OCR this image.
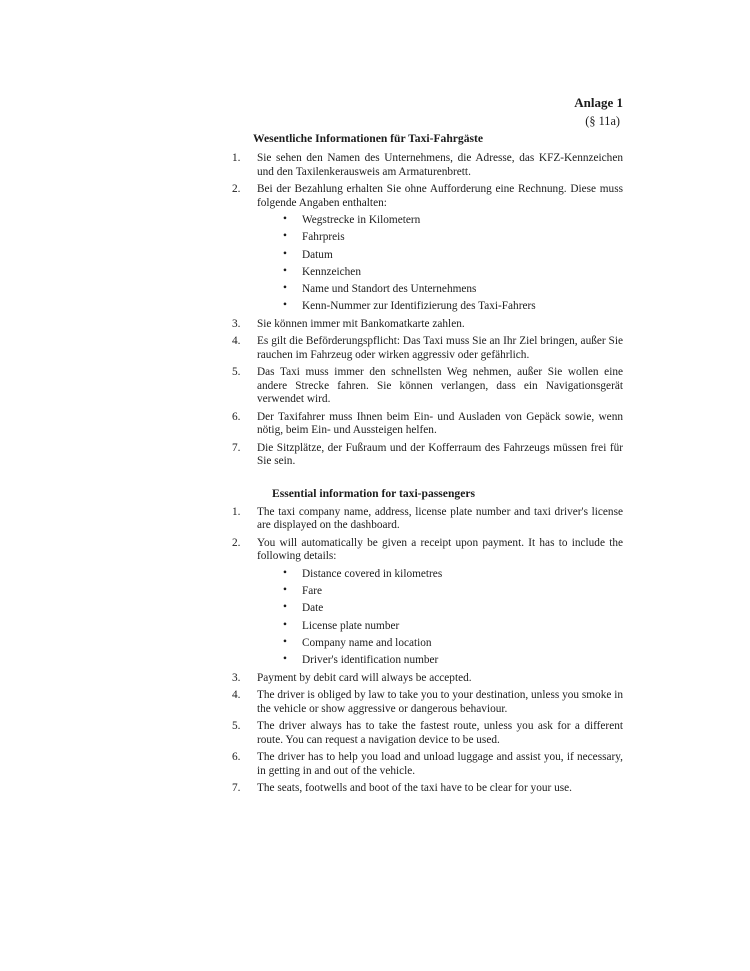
Anlage 1
(§ 11a)
Wesentliche Informationen für Taxi-Fahrgäste
1. Sie sehen den Namen des Unternehmens, die Adresse, das KFZ-Kennzeichen und den Taxilenkerausweis am Armaturenbrett.
2. Bei der Bezahlung erhalten Sie ohne Aufforderung eine Rechnung. Diese muss folgende Angaben enthalten:
• Wegstrecke in Kilometern
• Fahrpreis
• Datum
• Kennzeichen
• Name und Standort des Unternehmens
• Kenn-Nummer zur Identifizierung des Taxi-Fahrers
3. Sie können immer mit Bankomatkarte zahlen.
4. Es gilt die Beförderungspflicht: Das Taxi muss Sie an Ihr Ziel bringen, außer Sie rauchen im Fahrzeug oder wirken aggressiv oder gefährlich.
5. Das Taxi muss immer den schnellsten Weg nehmen, außer Sie wollen eine andere Strecke fahren. Sie können verlangen, dass ein Navigationsgerät verwendet wird.
6. Der Taxifahrer muss Ihnen beim Ein- und Ausladen von Gepäck sowie, wenn nötig, beim Ein- und Aussteigen helfen.
7. Die Sitzplätze, der Fußraum und der Kofferraum des Fahrzeugs müssen frei für Sie sein.
Essential information for taxi-passengers
1. The taxi company name, address, license plate number and taxi driver's license are displayed on the dashboard.
2. You will automatically be given a receipt upon payment. It has to include the following details:
• Distance covered in kilometres
• Fare
• Date
• License plate number
• Company name and location
• Driver's identification number
3. Payment by debit card will always be accepted.
4. The driver is obliged by law to take you to your destination, unless you smoke in the vehicle or show aggressive or dangerous behaviour.
5. The driver always has to take the fastest route, unless you ask for a different route. You can request a navigation device to be used.
6. The driver has to help you load and unload luggage and assist you, if necessary, in getting in and out of the vehicle.
7. The seats, footwells and boot of the taxi have to be clear for your use.
